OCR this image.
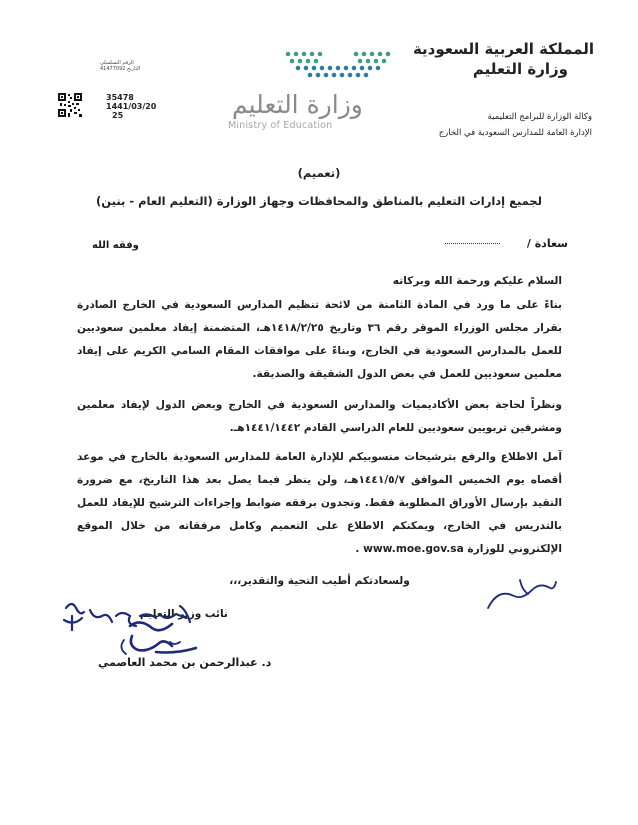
المملكة العربية السعودية
وزارة التعليم
وكالة الوزارة للبرامج التعليمية
الإدارة العامة للمدارس السعودية في الخارج
وزارة التعليم
Ministry of Education
الرقم التسلسلي
التاريخ 41477092
35478
1441/03/20
25
(تعميم)
لجميع إدارات التعليم بالمناطق والمحافظات وجهاز الوزارة (التعليم العام - بنين)
سعادة /
وفقه الله
السلام عليكم ورحمة الله وبركاته
بناءً على ما ورد في المادة الثامنة من لائحة تنظيم المدارس السعودية في الخارج الصادرة بقرار مجلس الوزراء الموقر رقم ٣٦ وتاريخ ١٤١٨/٢/٢٥هـ، المتضمنة إيفاد معلمين سعوديين للعمل بالمدارس السعودية في الخارج، وبناءً على موافقات المقام السامي الكريم على إيفاد معلمين سعوديين للعمل في بعض الدول الشقيقة والصديقة.
ونظراً لحاجة بعض الأكاديميات والمدارس السعودية في الخارج وبعض الدول لإيفاد معلمين ومشرفين تربويين سعوديين للعام الدراسي القادم ١٤٤١/١٤٤٢هـ.
آمل الاطلاع والرفع بترشيحات منسوبيكم للإدارة العامة للمدارس السعودية بالخارج في موعد أقصاه يوم الخميس الموافق ١٤٤١/٥/٧هـ، ولن ينظر فيما يصل بعد هذا التاريخ، مع ضرورة التقيد بإرسال الأوراق المطلوبة فقط. وتجدون برفقه ضوابط وإجراءات الترشيح للإيفاد للعمل بالتدريس في الخارج، ويمكنكم الاطلاع على التعميم وكامل مرفقاته من خلال الموقع الإلكتروني للوزارة www.moe.gov.sa .
ولسعادتكم أطيب التحية والتقدير،،،
نائب وزير التعليم
د. عبدالرحمن بن محمد العاصمي
